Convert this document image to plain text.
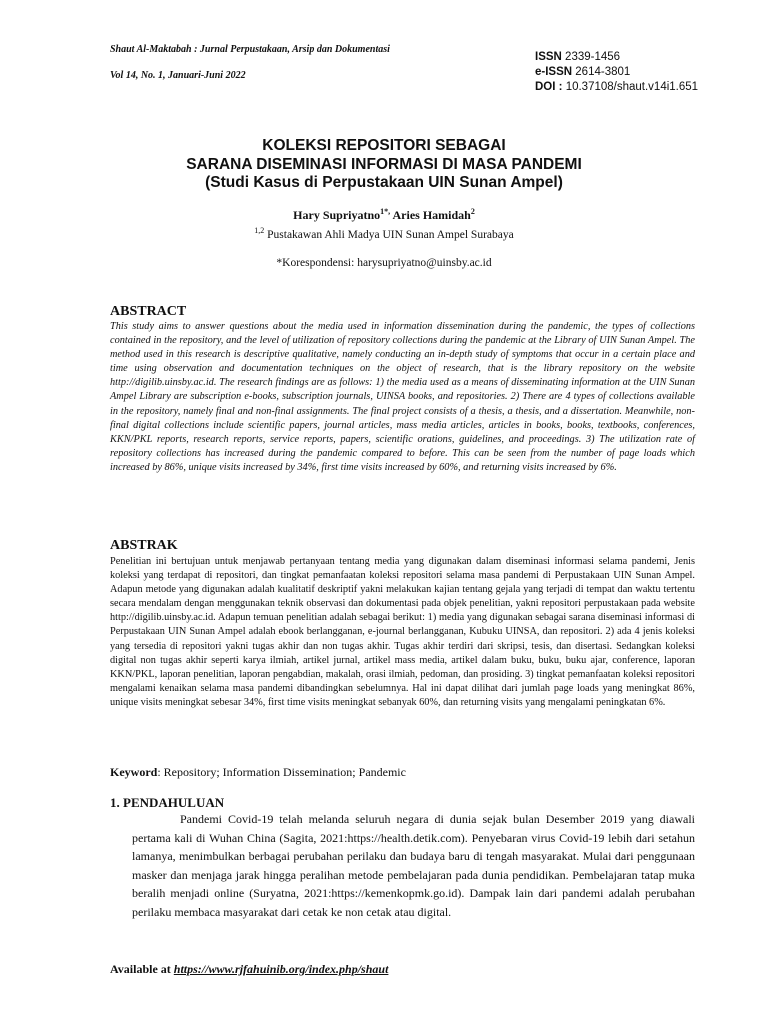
Shaut Al-Maktabah : Jurnal Perpustakaan, Arsip dan Dokumentasi
Vol 14, No. 1, Januari-Juni 2022
ISSN 2339-1456
e-ISSN 2614-3801
DOI : 10.37108/shaut.v14i1.651
KOLEKSI REPOSITORI SEBAGAI
SARANA DISEMINASI INFORMASI DI MASA PANDEMI
(Studi Kasus di Perpustakaan UIN Sunan Ampel)
Hary Supriyatno$^{1*,}$ Aries Hamidah$^2$
$^{1,2}$ Pustakawan Ahli Madya UIN Sunan Ampel Surabaya
*Korespondensi: harysupriyatno@uinsby.ac.id
ABSTRACT
This study aims to answer questions about the media used in information dissemination during the pandemic, the types of collections contained in the repository, and the level of utilization of repository collections during the pandemic at the Library of UIN Sunan Ampel. The method used in this research is descriptive qualitative, namely conducting an in-depth study of symptoms that occur in a certain place and time using observation and documentation techniques on the object of research, that is the library repository on the website http://digilib.uinsby.ac.id. The research findings are as follows: 1) the media used as a means of disseminating information at the UIN Sunan Ampel Library are subscription e-books, subscription journals, UINSA books, and repositories. 2) There are 4 types of collections available in the repository, namely final and non-final assignments. The final project consists of a thesis, a thesis, and a dissertation. Meanwhile, non-final digital collections include scientific papers, journal articles, mass media articles, articles in books, books, textbooks, conferences, KKN/PKL reports, research reports, service reports, papers, scientific orations, guidelines, and proceedings. 3) The utilization rate of repository collections has increased during the pandemic compared to before. This can be seen from the number of page loads which increased by 86%, unique visits increased by 34%, first time visits increased by 60%, and returning visits increased by 6%.
ABSTRAK
Penelitian ini bertujuan untuk menjawab pertanyaan tentang media yang digunakan dalam diseminasi informasi selama pandemi, Jenis koleksi yang terdapat di repositori, dan tingkat pemanfaatan koleksi repositori selama masa pandemi di Perpustakaan UIN Sunan Ampel. Adapun metode yang digunakan adalah kualitatif deskriptif yakni melakukan kajian tentang gejala yang terjadi di tempat dan waktu tertentu secara mendalam dengan menggunakan teknik observasi dan dokumentasi pada objek penelitian, yakni repositori perpustakaan pada website http://digilib.uinsby.ac.id. Adapun temuan penelitian adalah sebagai berikut: 1) media yang digunakan sebagai sarana diseminasi informasi di Perpustakaan UIN Sunan Ampel adalah ebook berlangganan, e-journal berlangganan, Kubuku UINSA, dan repositori. 2) ada 4 jenis koleksi yang tersedia di repositori yakni tugas akhir dan non tugas akhir. Tugas akhir terdiri dari skripsi, tesis, dan disertasi. Sedangkan koleksi digital non tugas akhir seperti karya ilmiah, artikel jurnal, artikel mass media, artikel dalam buku, buku, buku ajar, conference, laporan KKN/PKL, laporan penelitian, laporan pengabdian, makalah, orasi ilmiah, pedoman, dan prosiding. 3) tingkat pemanfaatan koleksi repositori mengalami kenaikan selama masa pandemi dibandingkan sebelumnya. Hal ini dapat dilihat dari jumlah page loads yang meningkat 86%, unique visits meningkat sebesar 34%, first time visits meningkat sebanyak 60%, dan returning visits yang mengalami peningkatan 6%.
Keyword: Repository; Information Dissemination; Pandemic
1. PENDAHULUAN
Pandemi Covid-19 telah melanda seluruh negara di dunia sejak bulan Desember 2019 yang diawali pertama kali di Wuhan China (Sagita, 2021:https://health.detik.com). Penyebaran virus Covid-19 lebih dari setahun lamanya, menimbulkan berbagai perubahan perilaku dan budaya baru di tengah masyarakat. Mulai dari penggunaan masker dan menjaga jarak hingga peralihan metode pembelajaran pada dunia pendidikan. Pembelajaran tatap muka beralih menjadi online (Suryatna, 2021:https://kemenkopmk.go.id). Dampak lain dari pandemi adalah perubahan perilaku membaca masyarakat dari cetak ke non cetak atau digital.
Available at https://www.rjfahuinib.org/index.php/shaut
